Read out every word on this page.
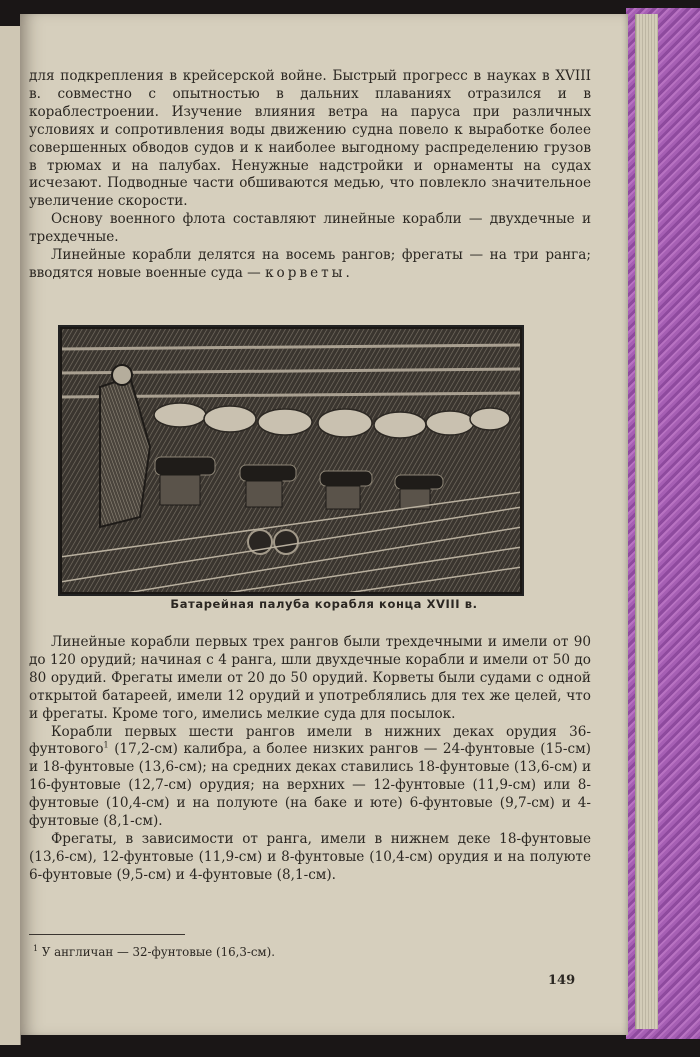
для подкрепления в крейсерской войне. Быстрый прогресс в науках в XVIII в. совместно с опытностью в дальних плаваниях отразился и в кораблестроении. Изучение влияния ветра на паруса при различных условиях и сопротивления воды движению судна повело к выработке более совершенных обводов судов и к наиболее выгодному распределению грузов в трюмах и на палубах. Ненужные надстройки и орнаменты на судах исчезают. Подводные части обшиваются медью, что повлекло значительное увеличение скорости.

Основу военного флота составляют линейные корабли — двухдечные и трехдечные.

Линейные корабли делятся на восемь рангов; фрегаты — на три ранга; вводятся новые военные суда — корветы.

Батарейная палуба корабля конца XVIII в.

Линейные корабли первых трех рангов были трехдечными и имели от 90 до 120 орудий; начиная с 4 ранга, шли двухдечные корабли и имели от 50 до 80 орудий. Фрегаты имели от 20 до 50 орудий. Корветы были судами с одной открытой батареей, имели 12 орудий и употреблялись для тех же целей, что и фрегаты. Кроме того, имелись мелкие суда для посылок.

Корабли первых шести рангов имели в нижних деках орудия 36-фунтового$^1$ (17,2-см) калибра, а более низких рангов — 24-фунтовые (15-см) и 18-фунтовые (13,6-см); на средних деках ставились 18-фунтовые (13,6-см) и 16-фунтовые (12,7-см) орудия; на верхних — 12-фунтовые (11,9-см) или 8-фунтовые (10,4-см) и на полуюте (на баке и юте) 6-фунтовые (9,7-см) и 4-фунтовые (8,1-см).

Фрегаты, в зависимости от ранга, имели в нижнем деке 18-фунтовые (13,6-см), 12-фунтовые (11,9-см) и 8-фунтовые (10,4-см) орудия и на полуюте 6-фунтовые (9,5-см) и 4-фунтовые (8,1-см).

$^1$ У англичан — 32-фунтовые (16,3-см).
149
